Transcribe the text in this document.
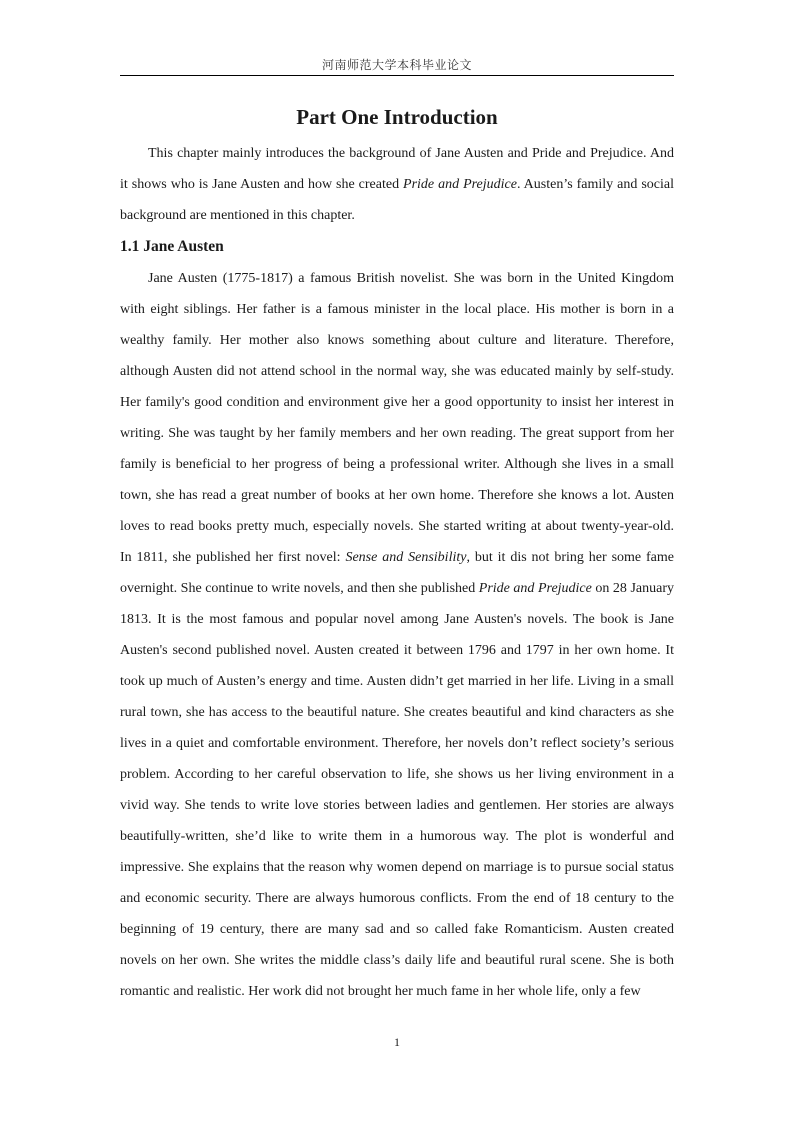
河南师范大学本科毕业论文
Part One Introduction

This chapter mainly introduces the background of Jane Austen and Pride and Prejudice. And it shows who is Jane Austen and how she created Pride and Prejudice. Austen’s family and social background are mentioned in this chapter.

1.1 Jane Austen

Jane Austen (1775-1817) a famous British novelist. She was born in the United Kingdom with eight siblings. Her father is a famous minister in the local place. His mother is born in a wealthy family. Her mother also knows something about culture and literature. Therefore, although Austen did not attend school in the normal way, she was educated mainly by self-study. Her family's good condition and environment give her a good opportunity to insist her interest in writing. She was taught by her family members and her own reading. The great support from her family is beneficial to her progress of being a professional writer. Although she lives in a small town, she has read a great number of books at her own home. Therefore she knows a lot. Austen loves to read books pretty much, especially novels. She started writing at about twenty-year-old. In 1811, she published her first novel: Sense and Sensibility, but it dis not bring her some fame overnight. She continue to write novels, and then she published Pride and Prejudice on 28 January 1813. It is the most famous and popular novel among Jane Austen's novels. The book is Jane Austen's second published novel. Austen created it between 1796 and 1797 in her own home. It took up much of Austen’s energy and time. Austen didn’t get married in her life. Living in a small rural town, she has access to the beautiful nature. She creates beautiful and kind characters as she lives in a quiet and comfortable environment. Therefore, her novels don’t reflect society’s serious problem. According to her careful observation to life, she shows us her living environment in a vivid way. She tends to write love stories between ladies and gentlemen. Her stories are always beautifully-written, she’d like to write them in a humorous way. The plot is wonderful and impressive. She explains that the reason why women depend on marriage is to pursue social status and economic security. There are always humorous conflicts. From the end of 18 century to the beginning of 19 century, there are many sad and so called fake Romanticism. Austen created novels on her own. She writes the middle class’s daily life and beautiful rural scene. She is both romantic and realistic. Her work did not brought her much fame in her whole life, only a few

1
